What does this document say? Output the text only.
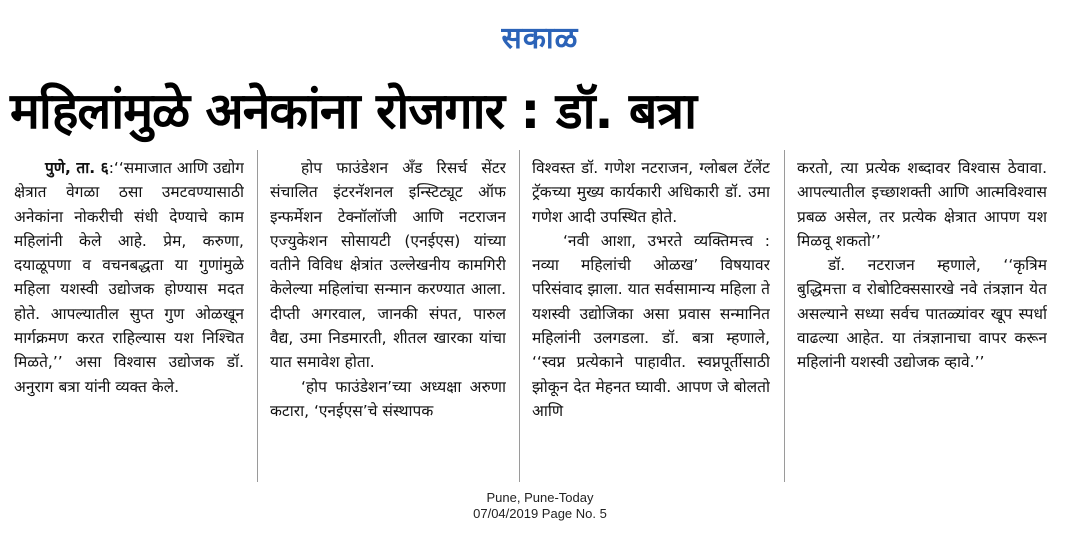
सकाळ
महिलांमुळे अनेकांना रोजगार : डॉ. बत्रा

पुणे, ता. ६:‘‘समाजात आणि उद्योग क्षेत्रात वेगळा ठसा उमटवण्यासाठी अनेकांना नोकरीची संधी देण्याचे काम महिलांनी केले आहे. प्रेम, करुणा, दयाळूपणा व वचनबद्धता या गुणांमुळे महिला यशस्वी उद्योजक होण्यास मदत होते. आपल्यातील सुप्त गुण ओळखून मार्गक्रमण करत राहिल्यास यश निश्चित मिळते,’’ असा विश्वास उद्योजक डॉ. अनुराग बत्रा यांनी व्यक्त केले.

होप फाउंडेशन अँड रिसर्च सेंटर संचालित इंटरनॅशनल इन्स्टिट्यूट ऑफ इन्फर्मेशन टेक्नॉलॉजी आणि नटराजन एज्युकेशन सोसायटी (एनईएस) यांच्या वतीने विविध क्षेत्रांत उल्लेखनीय कामगिरी केलेल्या महिलांचा सन्मान करण्यात आला. दीप्ती अगरवाल, जानकी संपत, पारुल वैद्य, उमा निडमारती, शीतल खारका यांचा यात समावेश होता.

‘होप फाउंडेशन’च्या अध्यक्षा अरुणा कटारा, ‘एनईएस’चे संस्थापक

विश्वस्त डॉ. गणेश नटराजन, ग्लोबल टॅलेंट ट्रॅकच्या मुख्य कार्यकारी अधिकारी डॉ. उमा गणेश आदी उपस्थित होते.

‘नवी आशा, उभरते व्यक्तिमत्त्व : नव्या महिलांची ओळख’ विषयावर परिसंवाद झाला. यात सर्वसामान्य महिला ते यशस्वी उद्योजिका असा प्रवास सन्मानित महिलांनी उलगडला. डॉ. बत्रा म्हणाले, ‘‘स्वप्न प्रत्येकाने पाहावीत. स्वप्नपूर्तीसाठी झोकून देत मेहनत घ्यावी. आपण जे बोलतो आणि

करतो, त्या प्रत्येक शब्दावर विश्वास ठेवावा. आपल्यातील इच्छाशक्ती आणि आत्मविश्वास प्रबळ असेल, तर प्रत्येक क्षेत्रात आपण यश मिळवू शकतो’’

डॉ. नटराजन म्हणाले, ‘‘कृत्रिम बुद्धिमत्ता व रोबोटिक्ससारखे नवे तंत्रज्ञान येत असल्याने सध्या सर्वच पातळ्यांवर खूप स्पर्धा वाढल्या आहेत. या तंत्रज्ञानाचा वापर करून महिलांनी यशस्वी उद्योजक व्हावे.’’

Pune, Pune-Today
07/04/2019 Page No. 5
